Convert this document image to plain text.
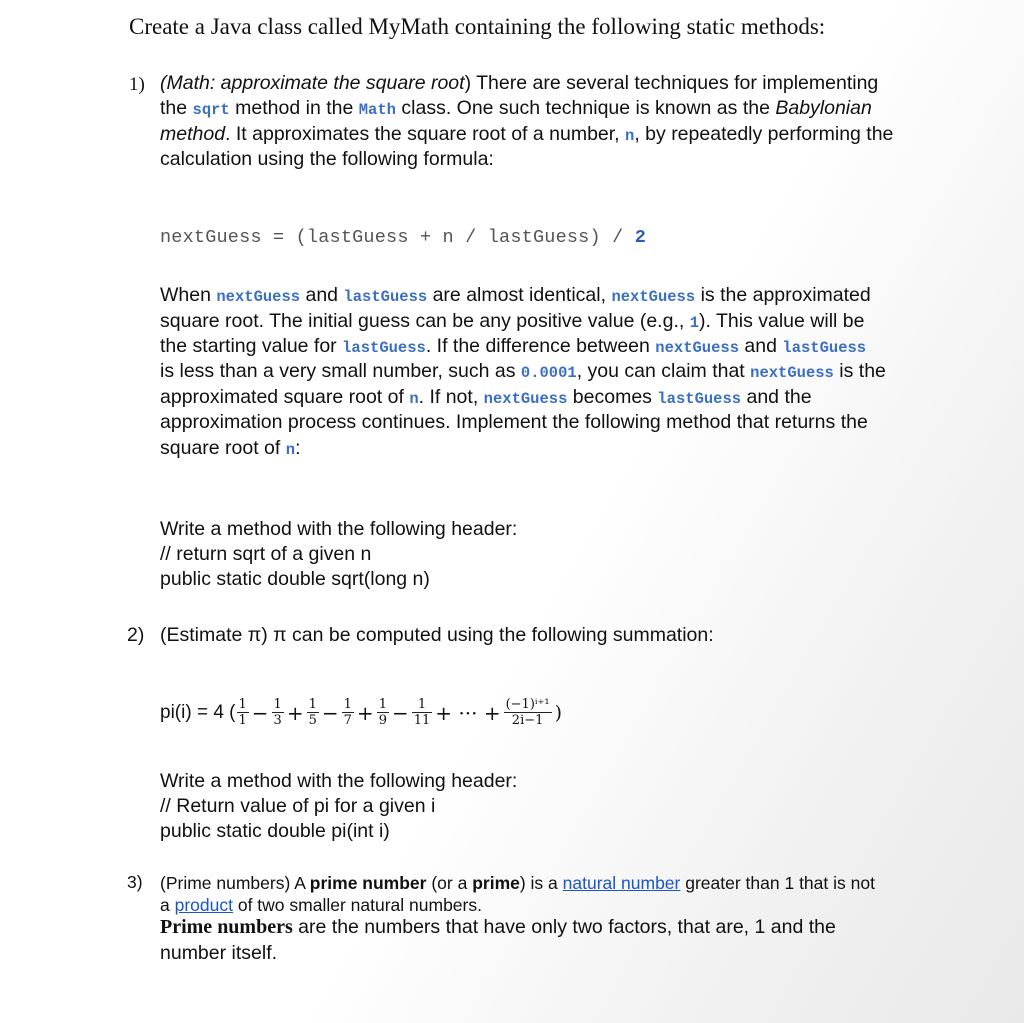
Create a Java class called MyMath containing the following static methods:
1) (Math: approximate the square root) There are several techniques for implementing
the sqrt method in the Math class. One such technique is known as the Babylonian
method. It approximates the square root of a number, n, by repeatedly performing the
calculation using the following formula:
nextGuess = (lastGuess + n / lastGuess) / 2
When nextGuess and lastGuess are almost identical, nextGuess is the approximated
square root. The initial guess can be any positive value (e.g., 1). This value will be
the starting value for lastGuess. If the difference between nextGuess and lastGuess
is less than a very small number, such as 0.0001, you can claim that nextGuess is the
approximated square root of n. If not, nextGuess becomes lastGuess and the
approximation process continues. Implement the following method that returns the
square root of n:
Write a method with the following header:
// return sqrt of a given n
public static double sqrt(long n)
2) (Estimate π) π can be computed using the following summation:
pi(i) = 4 ( $\frac{1}{1} - \frac{1}{3} + \frac{1}{5} - \frac{1}{7} + \frac{1}{9} - \frac{1}{11}$ + ··· + $\frac{\text{(−1)ⁱ⁺¹}}{2i-1}$ )
Write a method with the following header:
// Return value of pi for a given i
public static double pi(int i)
3) (Prime numbers) A prime number (or a prime) is a natural number greater than 1 that is not
a product of two smaller natural numbers.
Prime numbers are the numbers that have only two factors, that are, 1 and the
number itself.
